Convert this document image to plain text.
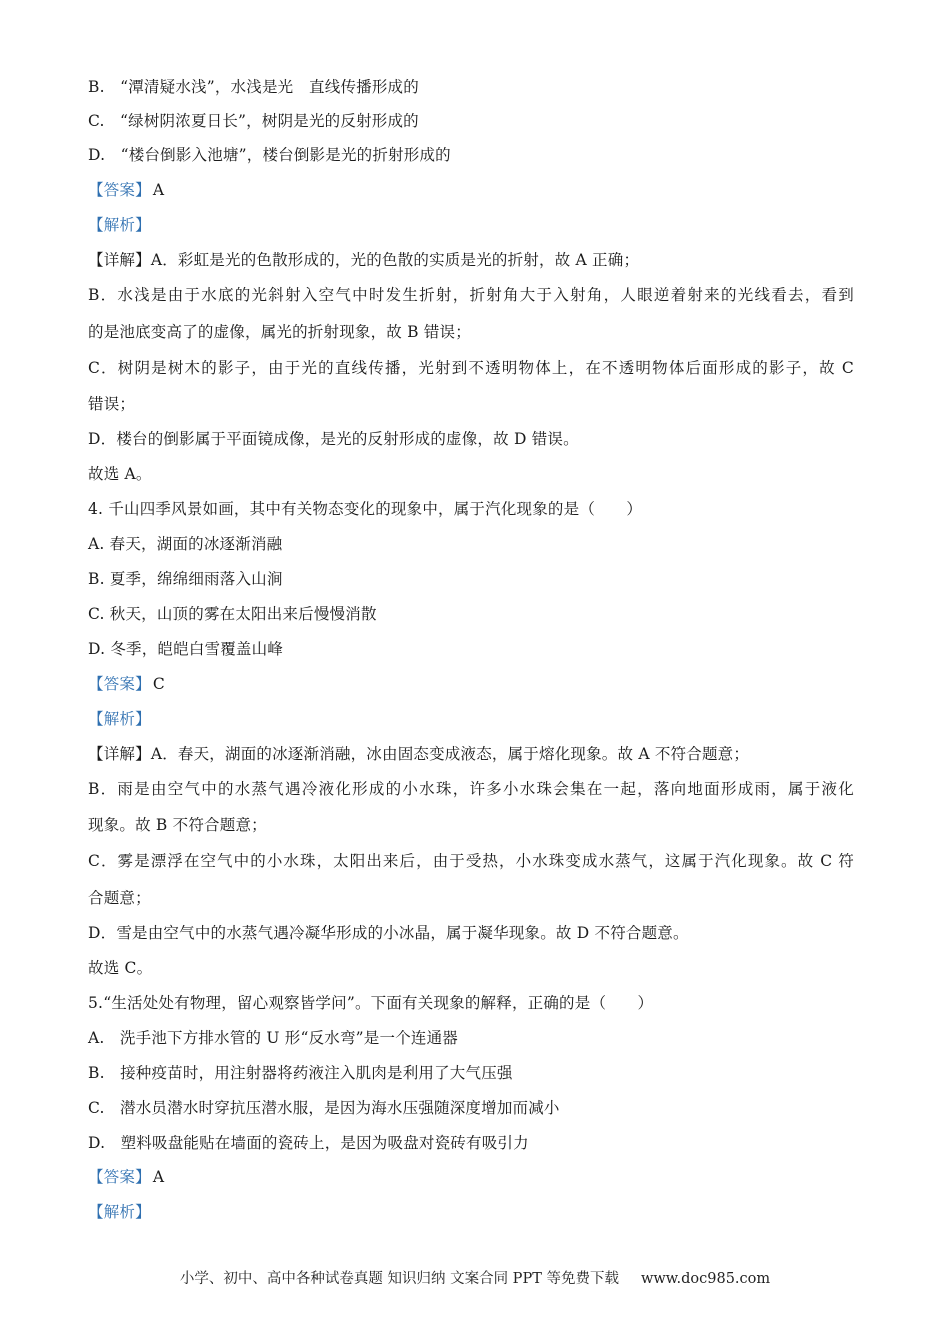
B. “潭清疑水浅”，水浅是光　直线传播形成的
C. “绿树阴浓夏日长”，树阴是光的反射形成的
D. “楼台倒影入池塘”，楼台倒影是光的折射形成的
【答案】 A
【解析】
【详解】A．彩虹是光的色散形成的，光的色散的实质是光的折射，故 A 正确；
B．水浅是由于水底的光斜射入空气中时发生折射，折射角大于入射角，人眼逆着射来的光线看去，看到
的是池底变高了的虚像，属光的折射现象，故 B 错误；
C．树阴是树木的影子，由于光的直线传播，光射到不透明物体上，在不透明物体后面形成的影子，故 C
错误；
D．楼台的倒影属于平面镜成像，是光的反射形成的虚像，故 D 错误。
故选 A。
4. 千山四季风景如画，其中有关物态变化的现象中，属于汽化现象的是（　　）
A. 春天，湖面的冰逐渐消融
B. 夏季，绵绵细雨落入山涧
C. 秋天，山顶的雾在太阳出来后慢慢消散
D. 冬季，皑皑白雪覆盖山峰
【答案】 C
【解析】
【详解】A．春天，湖面的冰逐渐消融，冰由固态变成液态，属于熔化现象。故 A 不符合题意；
B．雨是由空气中的水蒸气遇冷液化形成的小水珠，许多小水珠会集在一起，落向地面形成雨，属于液化
现象。故 B 不符合题意；
C．雾是漂浮在空气中的小水珠，太阳出来后，由于受热，小水珠变成水蒸气，这属于汽化现象。故 C 符
合题意；
D．雪是由空气中的水蒸气遇冷凝华形成的小冰晶，属于凝华现象。故 D 不符合题意。
故选 C。
5.“生活处处有物理，留心观察皆学问”。下面有关现象的解释，正确的是（　　）
A. 洗手池下方排水管的 U 形“反水弯”是一个连通器
B. 接种疫苗时，用注射器将药液注入肌肉是利用了大气压强
C. 潜水员潜水时穿抗压潜水服，是因为海水压强随深度增加而减小
D. 塑料吸盘能贴在墙面的瓷砖上，是因为吸盘对瓷砖有吸引力
【答案】 A
【解析】
小学、初中、高中各种试卷真题 知识归纳 文案合同 PPT 等免费下载 www.doc985.com
